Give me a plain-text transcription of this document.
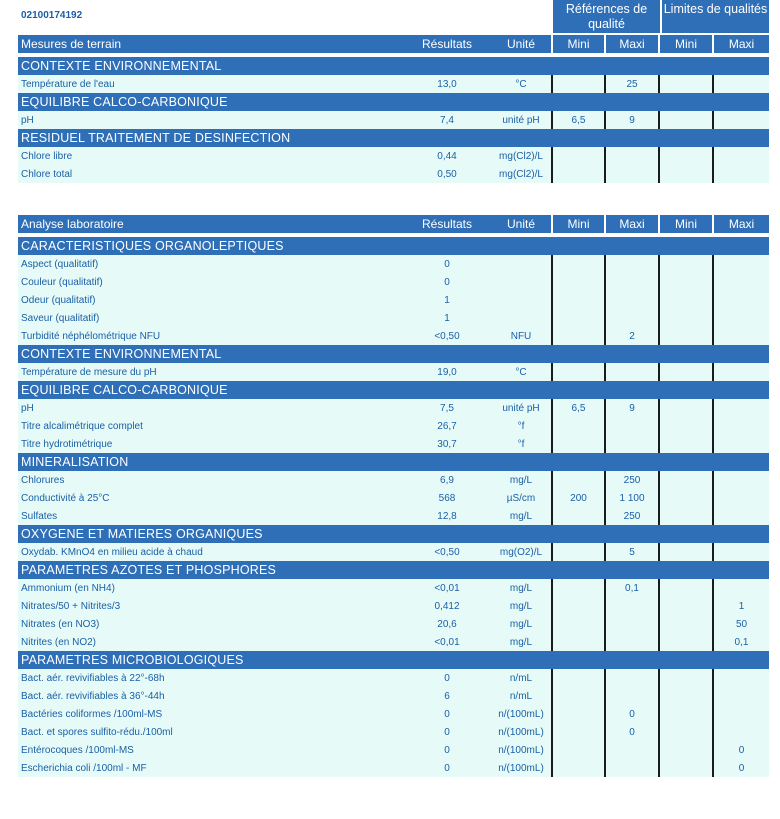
02100174192	Références de qualité
Limites de qualités
Mesures de terrain	Résultats	Unité	Mini	Maxi	Mini	Maxi

CONTEXTE ENVIRONNEMENTAL						
Température de l'eau	13,0	°C		25		
EQUILIBRE CALCO-CARBONIQUE						
pH	7,4	unité pH	6,5	9		
RESIDUEL TRAITEMENT DE DESINFECTION						
Chlore libre	0,44	mg(Cl2)/L				
Chlore total	0,50	mg(Cl2)/L				
Analyse laboratoire	Résultats	Unité	Mini	Maxi	Mini	Maxi

CARACTERISTIQUES ORGANOLEPTIQUES						
Aspect (qualitatif)	0					
Couleur (qualitatif)	0					
Odeur (qualitatif)	1					
Saveur (qualitatif)	1					
Turbidité néphélométrique NFU	<0,50	NFU		2		
CONTEXTE ENVIRONNEMENTAL						
Température de mesure du pH	19,0	°C				
EQUILIBRE CALCO-CARBONIQUE						
pH	7,5	unité pH	6,5	9		
Titre alcalimétrique complet	26,7	°f				
Titre hydrotimétrique	30,7	°f				
MINERALISATION						
Chlorures	6,9	mg/L		250		
Conductivité à 25°C	568	µS/cm	200	1 100		
Sulfates	12,8	mg/L		250		
OXYGENE ET MATIERES ORGANIQUES						
Oxydab. KMnO4 en milieu acide à chaud	<0,50	mg(O2)/L		5		
PARAMETRES AZOTES ET PHOSPHORES						
Ammonium (en NH4)	<0,01	mg/L		0,1		
Nitrates/50 + Nitrites/3	0,412	mg/L				1
Nitrates (en NO3)	20,6	mg/L				50
Nitrites (en NO2)	<0,01	mg/L				0,1
PARAMETRES MICROBIOLOGIQUES						
Bact. aér. revivifiables à 22°-68h	0	n/mL				
Bact. aér. revivifiables à 36°-44h	6	n/mL				
Bactéries coliformes /100ml-MS	0	n/(100mL)		0		
Bact. et spores sulfito-rédu./100ml	0	n/(100mL)		0		
Entérocoques /100ml-MS	0	n/(100mL)				0
Escherichia coli /100ml - MF	0	n/(100mL)				0
